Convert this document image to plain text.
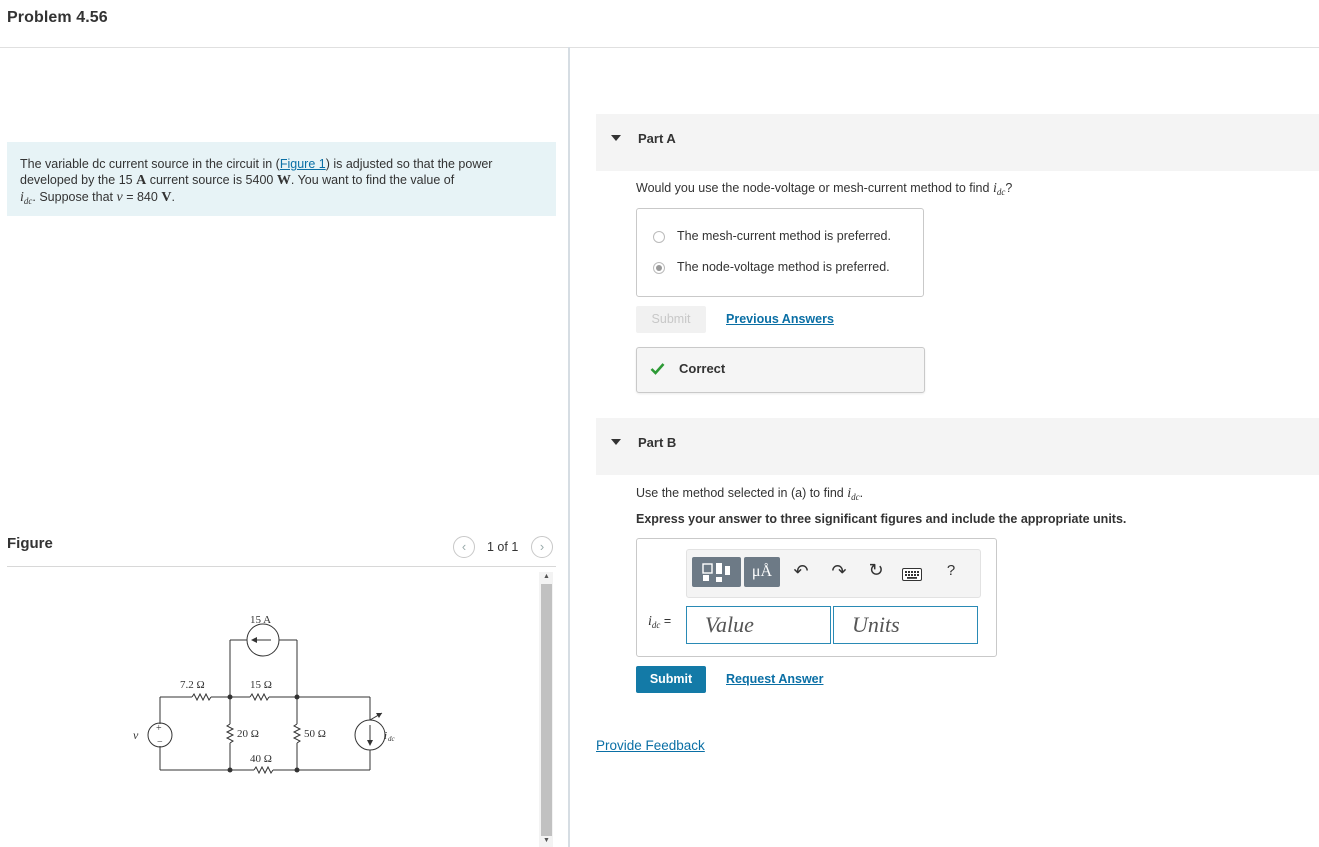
Problem 4.56
The variable dc current source in the circuit in (Figure 1) is adjusted so that the power developed by the 15 A current source is 5400 W. You want to find the value of
$i_{dc}$. Suppose that v = 840 V.
Figure	‹	1 of 1	›
15 A
7.2 Ω	15 Ω
20 Ω	50 Ω
40 Ω
v +
−
i dc
▲
▼
Part A
Would you use the node-voltage or mesh-current method to find $i_{dc}$?
The mesh-current method is preferred.
The node-voltage method is preferred.
Submit	Previous Answers
Correct
Part B
Use the method selected in (a) to find $i_{dc}$.
Express your answer to three significant figures and include the appropriate units.
μÅ	↶ ↷ ↻	?
$i_{dc}$ =	Value	Units
Submit	Request Answer
Provide Feedback
